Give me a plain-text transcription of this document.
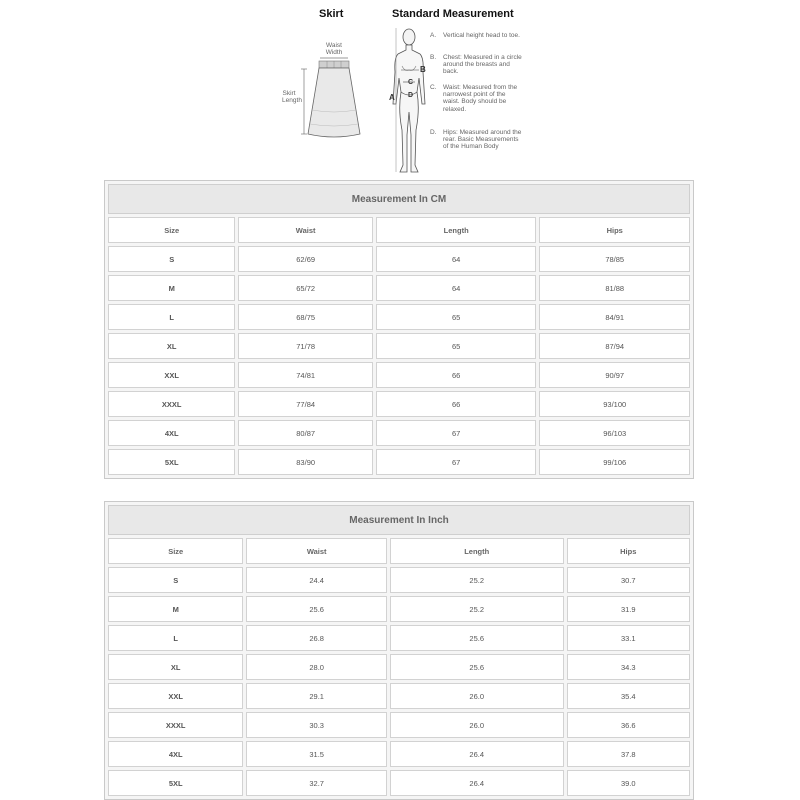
Skirt	Standard Measurement
Waist
Width
Skirt
Length	A
B
C
D
A. Vertical height head to toe.
B. Chest: Measured in a circle around the breasts and back.
C. Waist: Measured from the narrowest point of the waist. Body should be relaxed.
D. Hips: Measured around the rear. Basic Measurements of the Human Body
Measurement In CM			
Size	Waist	Length	Hips
S	62/69	64	78/85
M	65/72	64	81/88
L	68/75	65	84/91
XL	71/78	65	87/94
XXL	74/81	66	90/97
XXXL	77/84	66	93/100
4XL	80/87	67	96/103
5XL	83/90	67	99/106
Measurement In Inch			
Size	Waist	Length	Hips
S	24.4	25.2	30.7
M	25.6	25.2	31.9
L	26.8	25.6	33.1
XL	28.0	25.6	34.3
XXL	29.1	26.0	35.4
XXXL	30.3	26.0	36.6
4XL	31.5	26.4	37.8
5XL	32.7	26.4	39.0
